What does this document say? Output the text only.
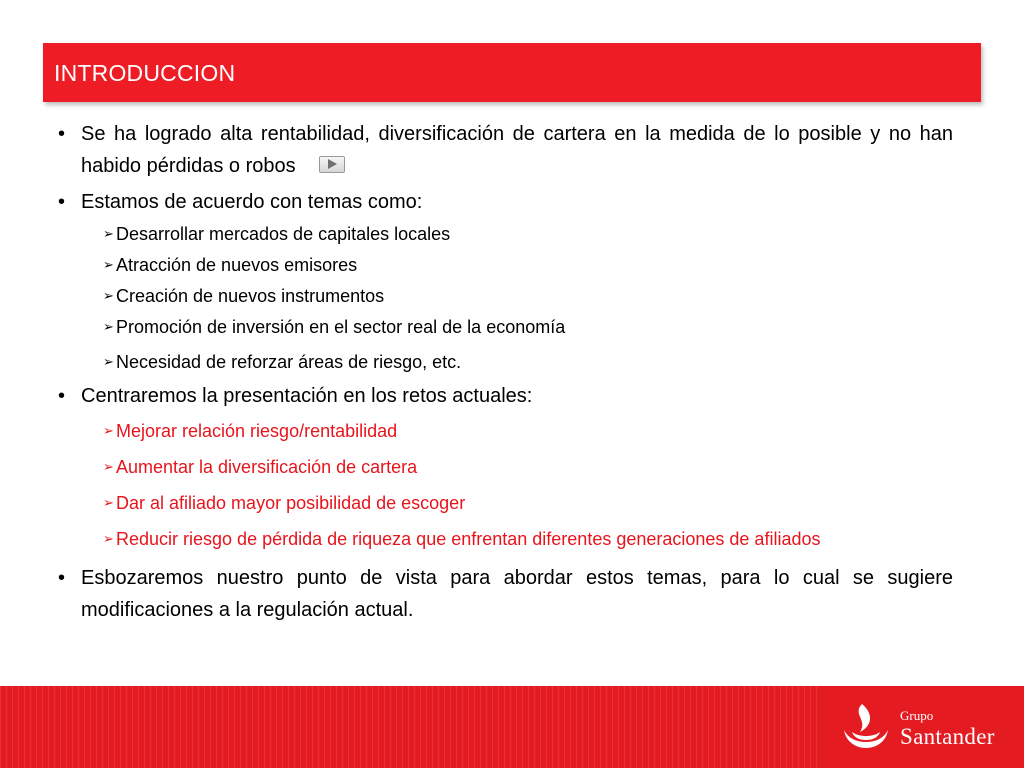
INTRODUCCION
• Se ha logrado alta rentabilidad, diversificación de cartera en la medida de lo posible y no han habido pérdidas o robos
• Estamos de acuerdo con temas como:
➢ Desarrollar mercados de capitales locales
➢ Atracción de nuevos emisores
➢ Creación de nuevos instrumentos
➢ Promoción de inversión en el sector real de la economía
➢ Necesidad de reforzar áreas de riesgo, etc.
• Centraremos la presentación en los retos actuales:
➢ Mejorar relación riesgo/rentabilidad
➢ Aumentar la diversificación de cartera
➢ Dar al afiliado mayor posibilidad de escoger
➢ Reducir riesgo de pérdida de riqueza que enfrentan diferentes generaciones de afiliados
• Esbozaremos nuestro punto de vista para abordar estos temas, para lo cual se sugiere modificaciones a la regulación actual.
Grupo
Santander
